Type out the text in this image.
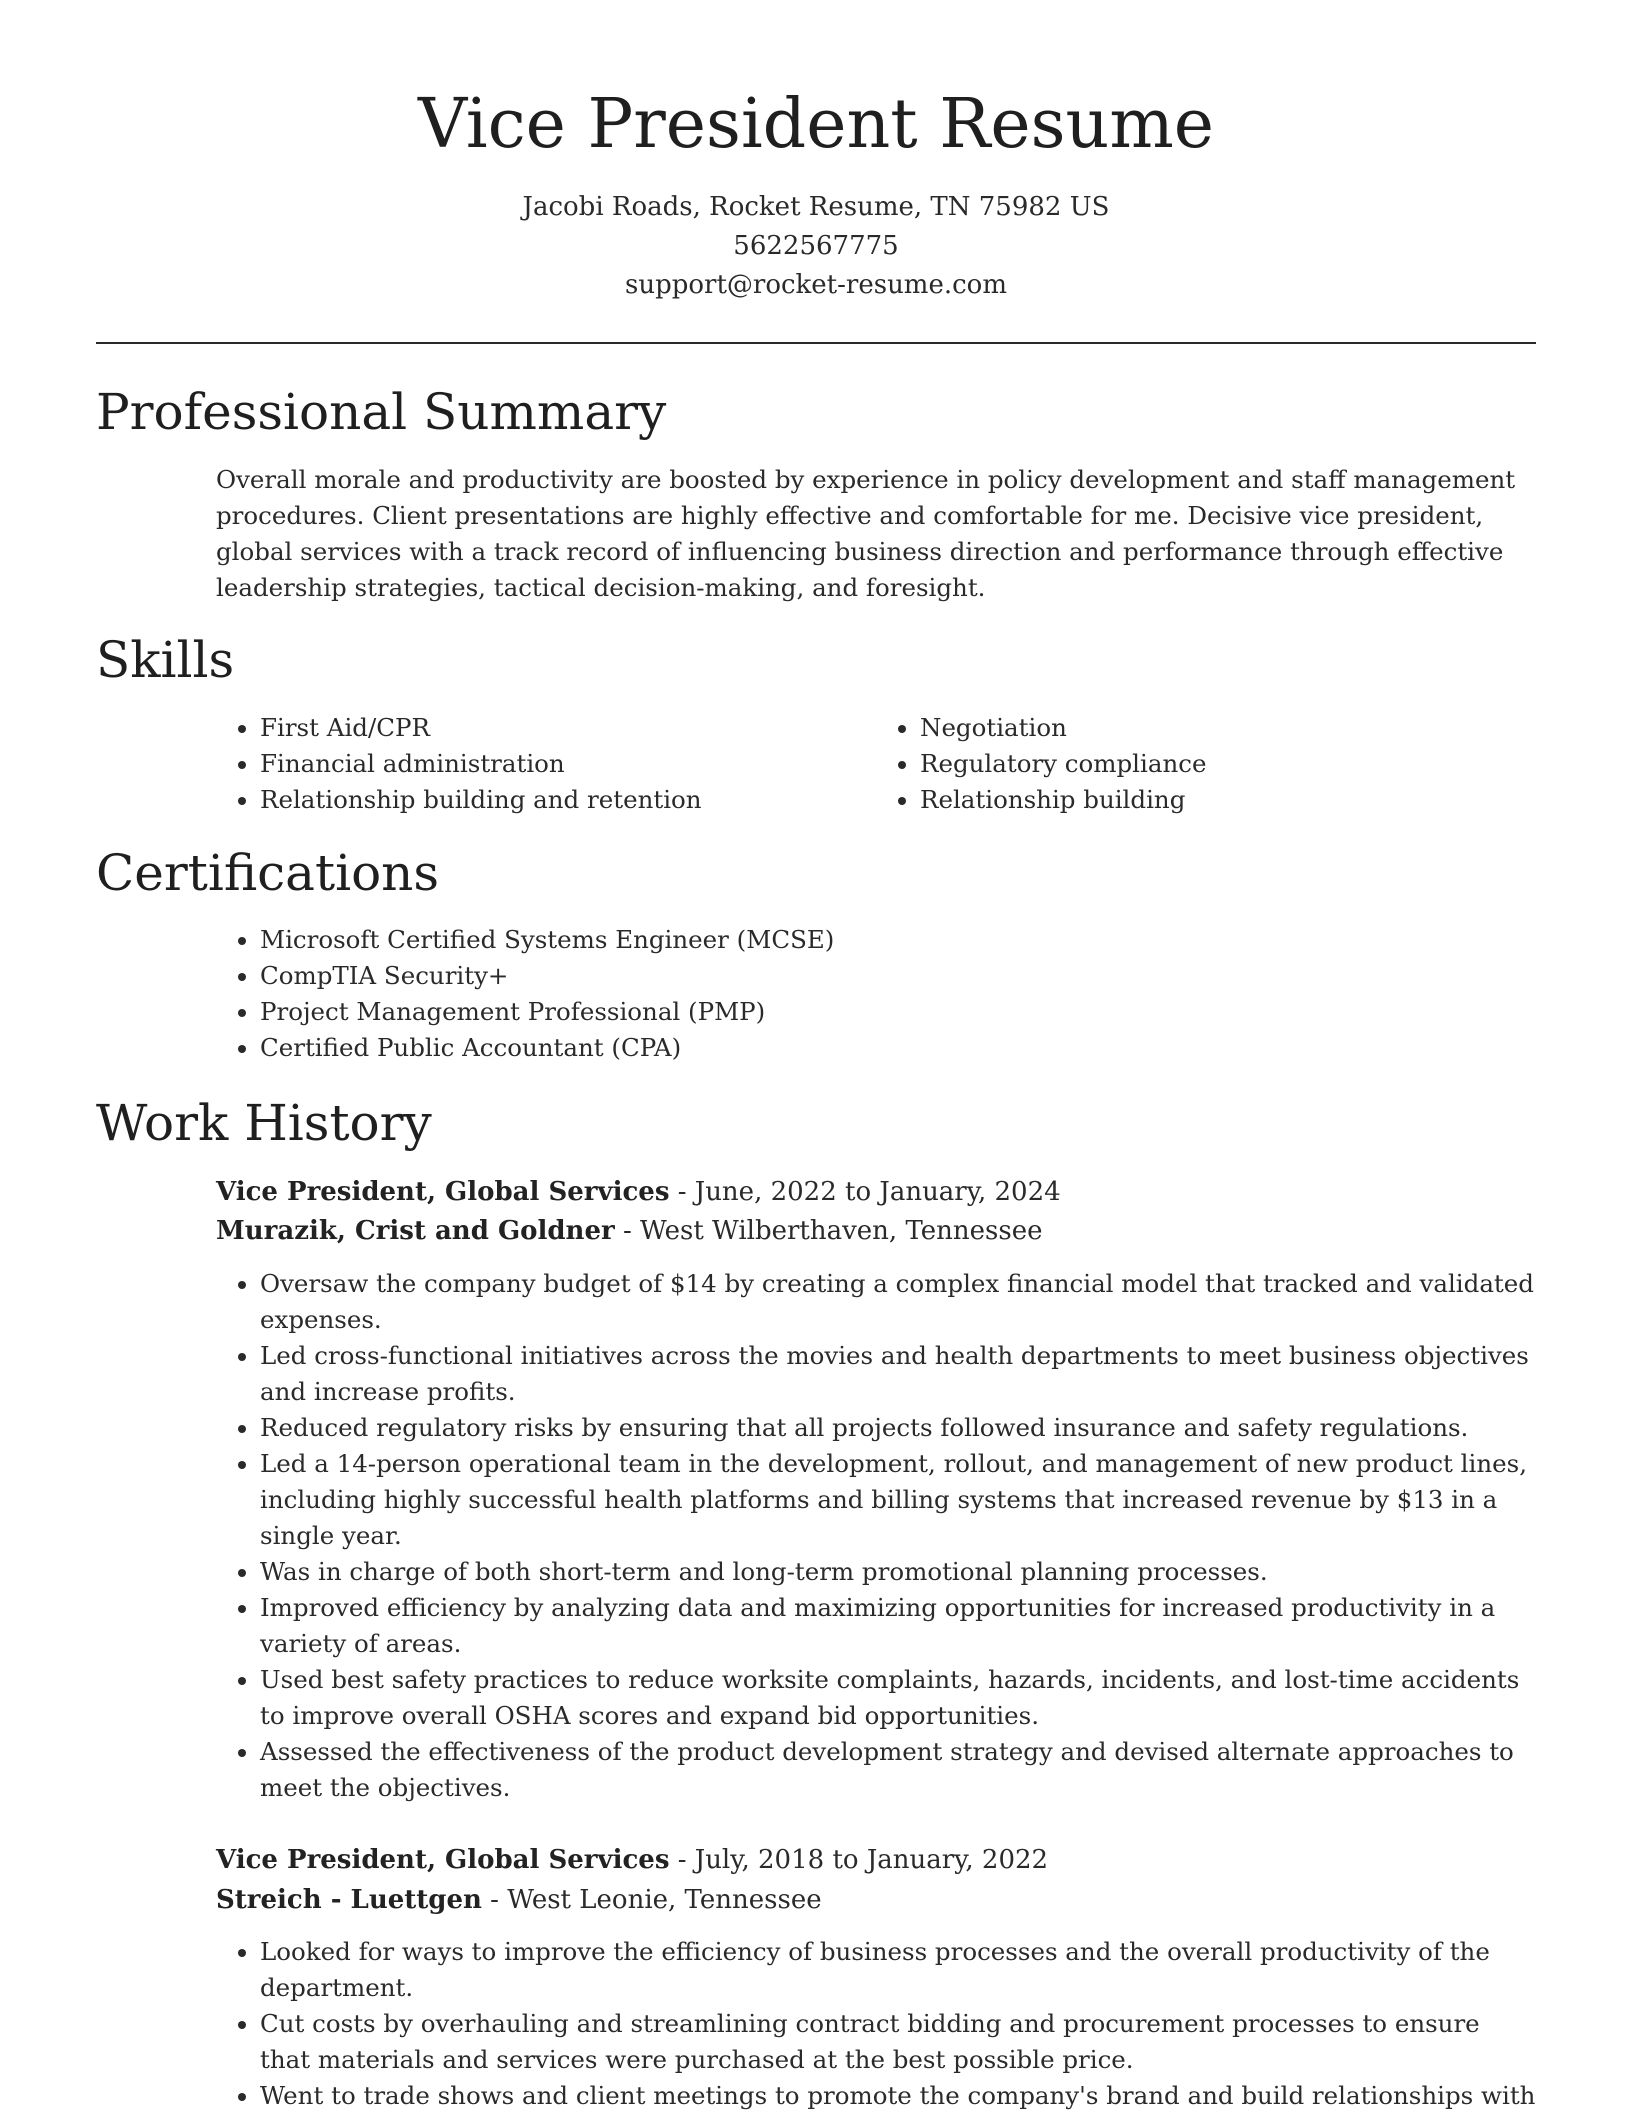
Vice President Resume
Jacobi Roads, Rocket Resume, TN 75982 US
5622567775
support@rocket-resume.com
Professional Summary

Overall morale and productivity are boosted by experience in policy development and staff management procedures. Client presentations are highly effective and comfortable for me. Decisive vice president, global services with a track record of influencing business direction and performance through effective leadership strategies, tactical decision-making, and foresight.

Skills
• First Aid/CPR
• Financial administration
• Relationship building and retention
• Negotiation
• Regulatory compliance
• Relationship building
Certifications
• Microsoft Certified Systems Engineer (MCSE)
• CompTIA Security+
• Project Management Professional (PMP)
• Certified Public Accountant (CPA)
Work History
Vice President, Global Services - June, 2022 to January, 2024
Murazik, Crist and Goldner - West Wilberthaven, Tennessee
• Oversaw the company budget of $14 by creating a complex financial model that tracked and validated expenses.
• Led cross-functional initiatives across the movies and health departments to meet business objectives and increase profits.
• Reduced regulatory risks by ensuring that all projects followed insurance and safety regulations.
• Led a 14-person operational team in the development, rollout, and management of new product lines, including highly successful health platforms and billing systems that increased revenue by $13 in a single year.
• Was in charge of both short-term and long-term promotional planning processes.
• Improved efficiency by analyzing data and maximizing opportunities for increased productivity in a variety of areas.
• Used best safety practices to reduce worksite complaints, hazards, incidents, and lost-time accidents to improve overall OSHA scores and expand bid opportunities.
• Assessed the effectiveness of the product development strategy and devised alternate approaches to meet the objectives.
Vice President, Global Services - July, 2018 to January, 2022
Streich - Luettgen - West Leonie, Tennessee
• Looked for ways to improve the efficiency of business processes and the overall productivity of the department.
• Cut costs by overhauling and streamlining contract bidding and procurement processes to ensure that materials and services were purchased at the best possible price.
• Went to trade shows and client meetings to promote the company's brand and build relationships with
